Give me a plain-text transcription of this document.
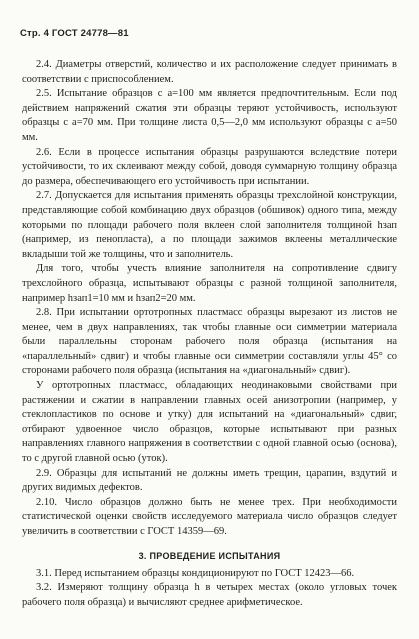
Стр. 4 ГОСТ 24778—81

2.4. Диаметры отверстий, количество и их расположение следует принимать в соответствии с приспособлением.

2.5. Испытание образцов с a=100 мм является предпочтительным. Если под действием напряжений сжатия эти образцы теряют устойчивость, используют образцы с a=70 мм. При толщине листа 0,5—2,0 мм используют образцы с a=50 мм.

2.6. Если в процессе испытания образцы разрушаются вследствие потери устойчивости, то их склеивают между собой, доводя суммарную толщину образца до размера, обеспечивающего его устойчивость при испытании.

2.7. Допускается для испытания применять образцы трехслойной конструкции, представляющие собой комбинацию двух образцов (обшивок) одного типа, между которыми по площади рабочего поля вклеен слой заполнителя толщиной hзап (например, из пенопласта), а по площади зажимов вклеены металлические вкладыши той же толщины, что и заполнитель.

Для того, чтобы учесть влияние заполнителя на сопротивление сдвигу трехслойного образца, испытывают образцы с разной толщиной заполнителя, например hзап1=10 мм и hзап2=20 мм.

2.8. При испытании ортотропных пластмасс образцы вырезают из листов не менее, чем в двух направлениях, так чтобы главные оси симметрии материала были параллельны сторонам рабочего поля образца (испытания на «параллельный» сдвиг) и чтобы главные оси симметрии составляли углы 45° со сторонами рабочего поля образца (испытания на «диагональный» сдвиг).

У ортотропных пластмасс, обладающих неодинаковыми свойствами при растяжении и сжатии в направлении главных осей анизотропии (например, у стеклопластиков по основе и утку) для испытаний на «диагональный» сдвиг, отбирают удвоенное число образцов, которые испытывают при разных направлениях главного напряжения в соответствии с одной главной осью (основа), то с другой главной осью (уток).

2.9. Образцы для испытаний не должны иметь трещин, царапин, вздутий и других видимых дефектов.

2.10. Число образцов должно быть не менее трех. При необходимости статистической оценки свойств исследуемого материала число образцов следует увеличить в соответствии с ГОСТ 14359—69.

3. ПРОВЕДЕНИЕ ИСПЫТАНИЯ

3.1. Перед испытанием образцы кондиционируют по ГОСТ 12423—66.

3.2. Измеряют толщину образца h в четырех местах (около угловых точек рабочего поля образца) и вычисляют среднее арифметическое.
